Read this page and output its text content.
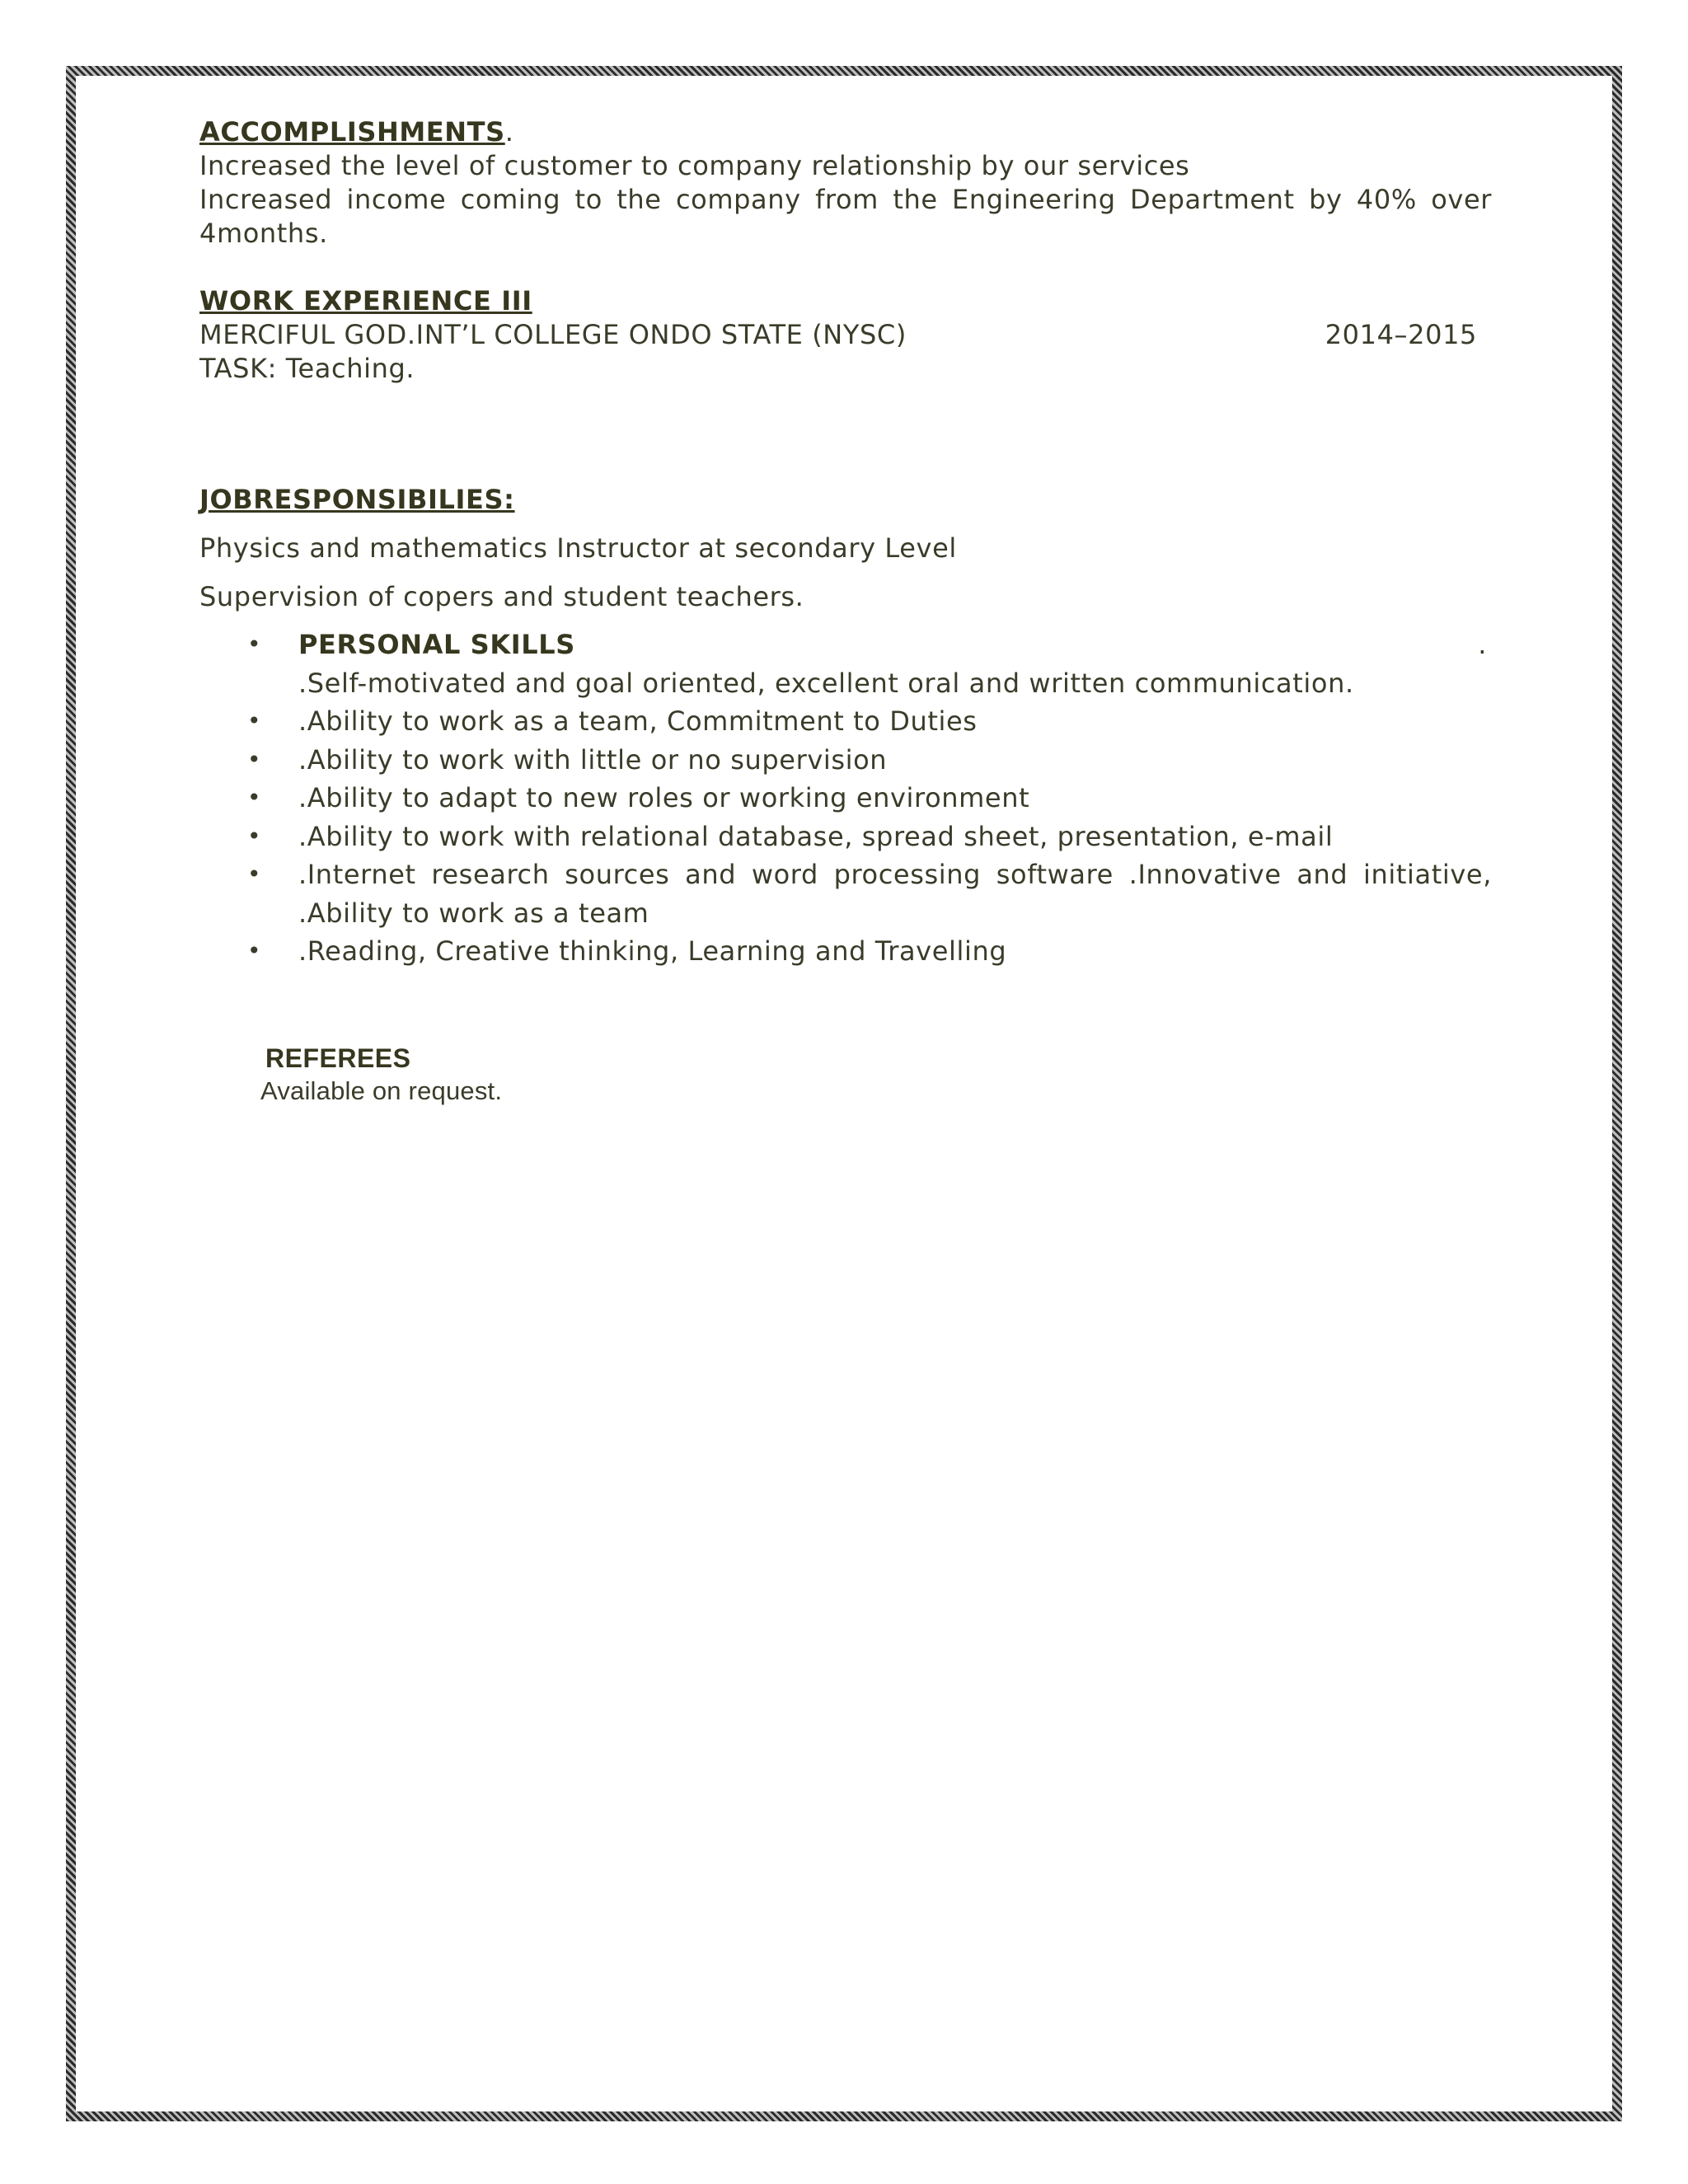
ACCOMPLISHMENTS.
Increased the level of customer to company relationship by our services
Increased income coming to the company from the Engineering Department by 40% over 4months.
WORK EXPERIENCE III
MERCIFUL GOD.INT’L COLLEGE ONDO STATE (NYSC)	2014–2015
TASK: Teaching.
JOBRESPONSIBILIES:
Physics and mathematics Instructor at secondary Level
Supervision of copers and student teachers.
• PERSONAL SKILLS	.
.Self-motivated and goal oriented, excellent oral and written communication.
• .Ability to work as a team, Commitment to Duties
• .Ability to work with little or no supervision
• .Ability to adapt to new roles or working environment
• .Ability to work with relational database, spread sheet, presentation, e-mail
• .Internet research sources and word processing software .Innovative and initiative, .Ability to work as a team
• .Reading, Creative thinking, Learning and Travelling
REFEREES
Available on request.
